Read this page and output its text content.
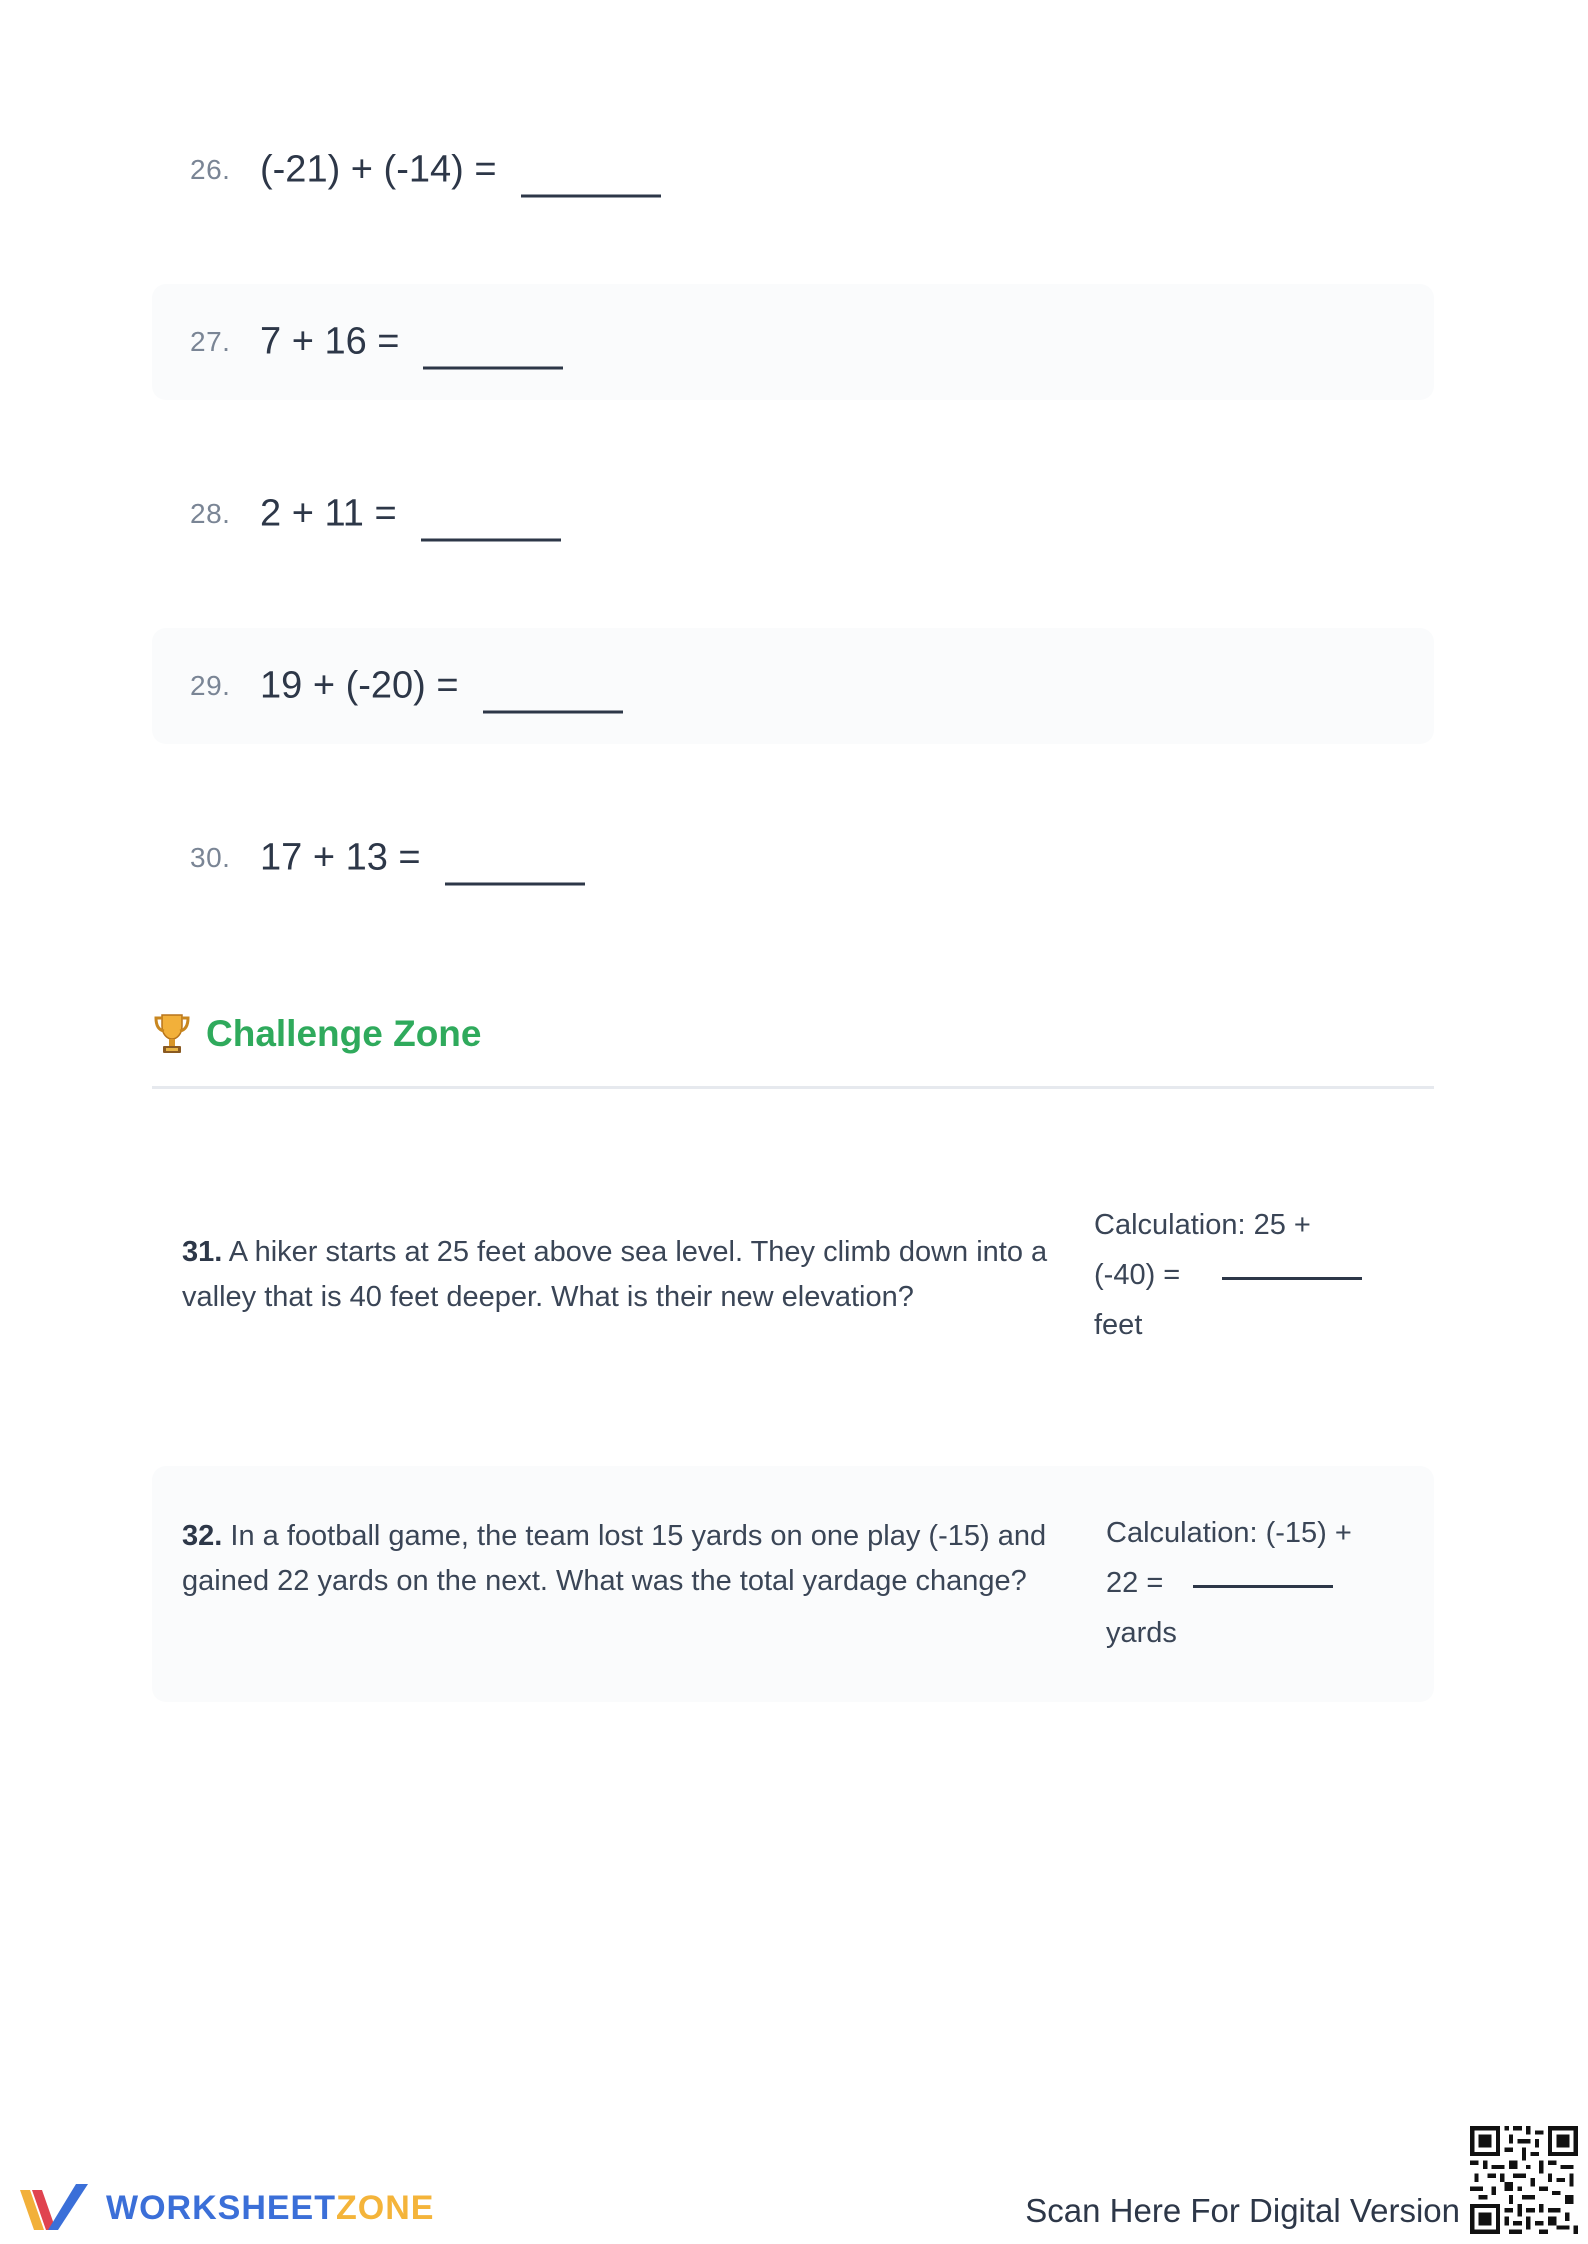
26. (-21) + (-14) =
27. 7 + 16 =
28. 2 + 11 =
29. 19 + (-20) =
30. 17 + 13 =
Challenge Zone
31. A hiker starts at 25 feet above sea level. They climb down into a valley that is 40 feet deeper. What is their new elevation?
Calculation: 25 +
(-40) =
feet
32. In a football game, the team lost 15 yards on one play (-15) and gained 22 yards on the next. What was the total yardage change?
Calculation: (-15) +
22 =
yards
WORKSHEETZONE	Scan Here For Digital Version
